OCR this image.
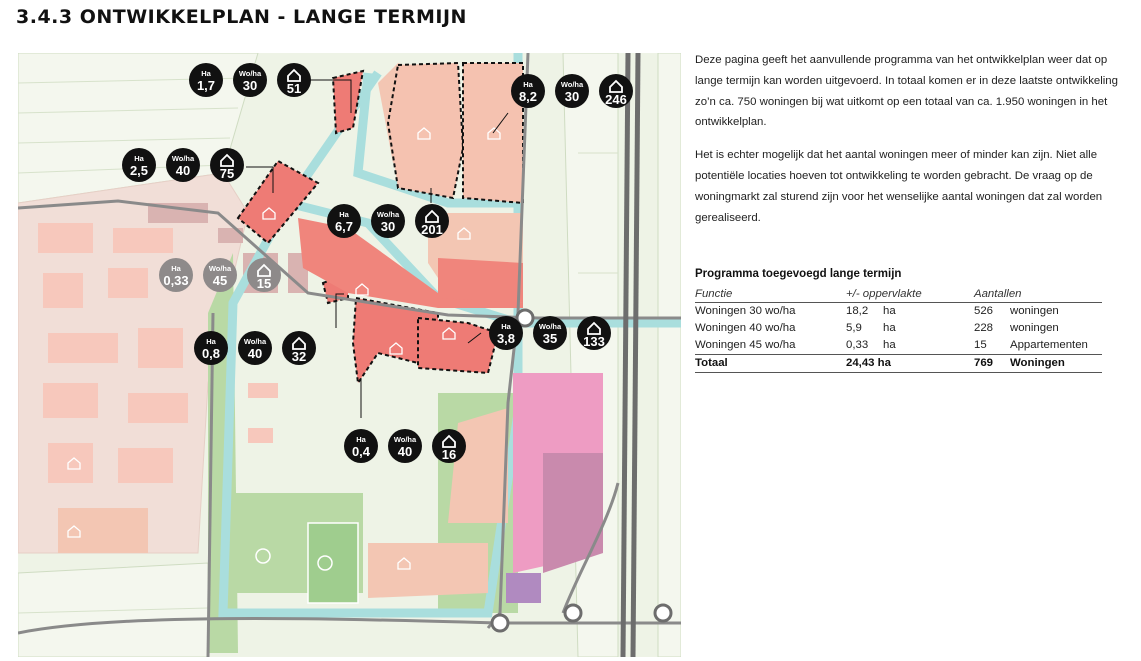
3.4.3 ONTWIKKELPLAN - LANGE TERMIJN
Ha
1,7
Wo/ha
30 51	Ha
8,2
Wo/ha
30 246
Ha
2,5
Wo/ha
40 75
Ha
6,7
Wo/ha
30 201
Ha
0,33
Wo/ha
45 15
Ha
0,8
Wo/ha
40 32
Ha
3,8
Wo/ha
35 133
Ha
0,4
Wo/ha
40 16

Deze pagina geeft het aanvullende programma van het ontwikkelplan weer dat op lange termijn kan worden uitgevoerd. In totaal komen er in deze laatste ontwikkeling zo’n ca. 750 woningen bij wat uitkomt op een totaal van ca. 1.950 woningen in het ontwikkelplan.

Het is echter mogelijk dat het aantal woningen meer of minder kan zijn. Niet alle potentiële locaties hoeven tot ontwikkeling te worden gebracht. De vraag op de woningmarkt zal sturend zijn voor het wenselijke aantal woningen dat zal worden gerealiseerd.

Programma toegevoegd lange termijn
Functie	+/- oppervlakte		Aantallen	
Woningen 30 wo/ha	18,2	ha	526	woningen
Woningen 40 wo/ha	5,9	ha	228	woningen
Woningen 45 wo/ha	0,33	ha	15	Appartementen
Totaal	24,43 ha		769	Woningen
